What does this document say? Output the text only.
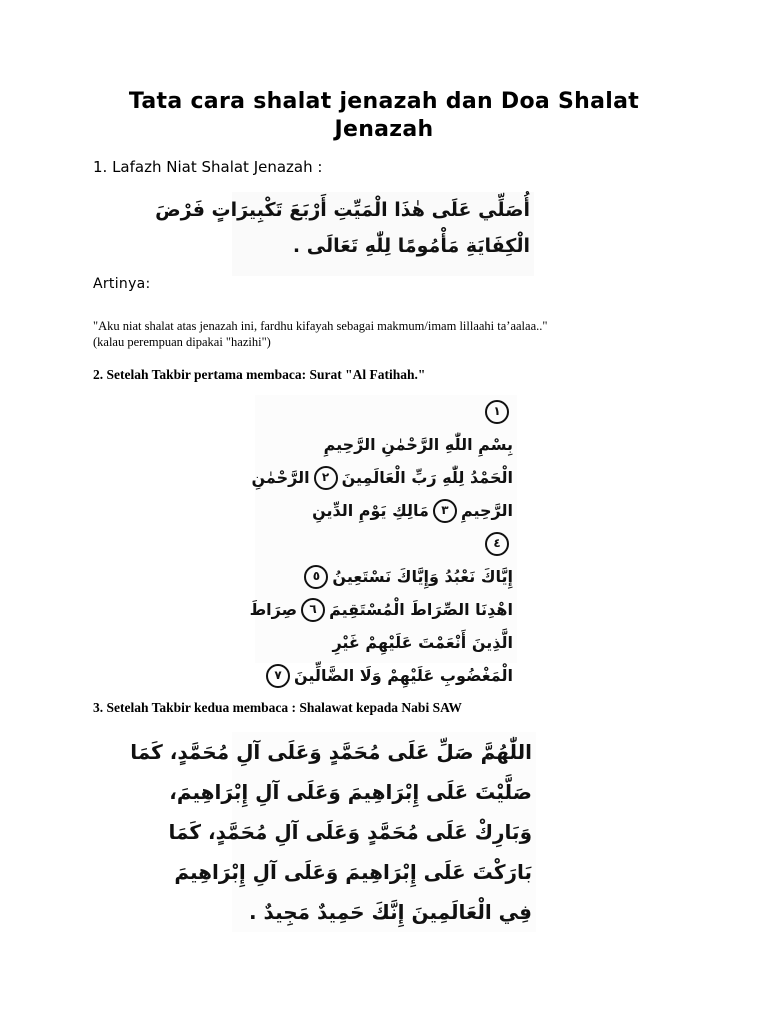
Tata cara shalat jenazah dan Doa Shalat Jenazah
1. Lafazh Niat Shalat Jenazah :
أُصَلِّي عَلَى هٰذَا الْمَيِّتِ أَرْبَعَ تَكْبِيرَاتٍ فَرْضَ
الْكِفَايَةِ مَأْمُومًا لِلّٰهِ تَعَالَى .
Artinya:
"Aku niat shalat atas jenazah ini, fardhu kifayah sebagai makmum/imam lillaahi ta’aalaa.."
(kalau perempuan dipakai "hazihi")
2. Setelah Takbir pertama membaca: Surat "Al Fatihah."
١
بِسْمِ اللّٰهِ الرَّحْمٰنِ الرَّحِيمِ
الْحَمْدُ لِلّٰهِ رَبِّ الْعَالَمِينَ
٢
الرَّحْمٰنِ
الرَّحِيمِ
٣
مَالِكِ يَوْمِ الدِّينِ
٤
إِيَّاكَ نَعْبُدُ وَإِيَّاكَ نَسْتَعِينُ
٥
اهْدِنَا الصِّرَاطَ الْمُسْتَقِيمَ
٦
صِرَاطَ
الَّذِينَ أَنْعَمْتَ عَلَيْهِمْ غَيْرِ
الْمَغْضُوبِ عَلَيْهِمْ وَلَا الضَّالِّينَ
٧
3. Setelah Takbir kedua membaca : Shalawat kepada Nabi SAW
اللّٰهُمَّ صَلِّ عَلَى مُحَمَّدٍ وَعَلَى آلِ مُحَمَّدٍ، كَمَا
صَلَّيْتَ عَلَى إِبْرَاهِيمَ وَعَلَى آلِ إِبْرَاهِيمَ،
وَبَارِكْ عَلَى مُحَمَّدٍ وَعَلَى آلِ مُحَمَّدٍ، كَمَا
بَارَكْتَ عَلَى إِبْرَاهِيمَ وَعَلَى آلِ إِبْرَاهِيمَ
فِي الْعَالَمِينَ إِنَّكَ حَمِيدٌ مَجِيدٌ .
